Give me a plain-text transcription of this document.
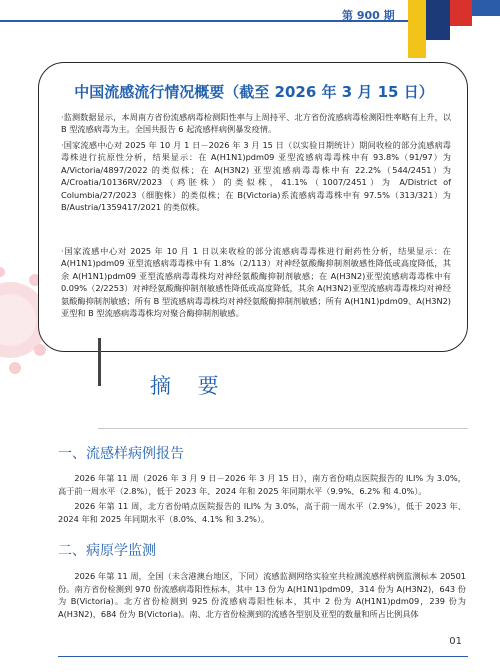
第 900 期
中国流感流行情况概要（截至 2026 年 3 月 15 日）
·监测数据显示，本周南方省份流感病毒检测阳性率与上周持平、北方省份流感病毒检测阳性率略有上升，以 B 型流感病毒为主。全国共报告 6 起流感样病例暴发疫情。
·国家流感中心对 2025 年 10 月 1 日－2026 年 3 月 15 日（以实验日期统计）期间收检的部分流感病毒毒株进行抗原性分析，结果显示：在 A(H1N1)pdm09 亚型流感病毒毒株中有 93.8%（91/97）为 A/Victoria/4897/2022 的类似株；在 A(H3N2) 亚型流感病毒毒株中有 22.2%（544/2451）为 A/Croatia/10136RV/2023（鸡胚株）的类似株，41.1%（1007/2451）为 A/District of Columbia/27/2023（细胞株）的类似株；在 B(Victoria)系流感病毒毒株中有 97.5%（313/321）为 B/Austria/1359417/2021 的类似株。
·国家流感中心对 2025 年 10 月 1 日以来收检的部分流感病毒毒株进行耐药性分析，结果显示：在 A(H1N1)pdm09 亚型流感病毒毒株中有 1.8%（2/113）对神经氨酸酶抑制剂敏感性降低或高度降低，其余 A(H1N1)pdm09 亚型流感病毒毒株均对神经氨酸酶抑制剂敏感；在 A(H3N2)亚型流感病毒毒株中有 0.09%（2/2253）对神经氨酸酶抑制剂敏感性降低或高度降低，其余 A(H3N2)亚型流感病毒毒株均对神经氨酸酶抑制剂敏感；所有 B 型流感病毒毒株均对神经氨酸酶抑制剂敏感；所有 A(H1N1)pdm09、A(H3N2)亚型和 B 型流感病毒毒株均对聚合酶抑制剂敏感。
摘 要
一、流感样病例报告
2026 年第 11 周（2026 年 3 月 9 日－2026 年 3 月 15 日），南方省份哨点医院报告的 ILI% 为 3.0%，高于前一周水平（2.8%），低于 2023 年、2024 年和 2025 年同期水平（9.9%、6.2% 和 4.0%）。
2026 年第 11 周，北方省份哨点医院报告的 ILI% 为 3.0%，高于前一周水平（2.9%），低于 2023 年、2024 年和 2025 年同期水平（8.0%、4.1% 和 3.2%）。
二、病原学监测
2026 年第 11 周，全国（未含港澳台地区，下同）流感监测网络实验室共检测流感样病例监测标本 20501 份。南方省份检测到 970 份流感病毒阳性标本，其中 13 份为 A(H1N1)pdm09，314 份为 A(H3N2)，643 份为 B(Victoria)。北方省份检测到 925 份流感病毒阳性标本，其中 2 份为 A(H1N1)pdm09，239 份为 A(H3N2)，684 份为 B(Victoria)。南、北方省份检测到的流感各型别及亚型的数量和所占比例具体
01
